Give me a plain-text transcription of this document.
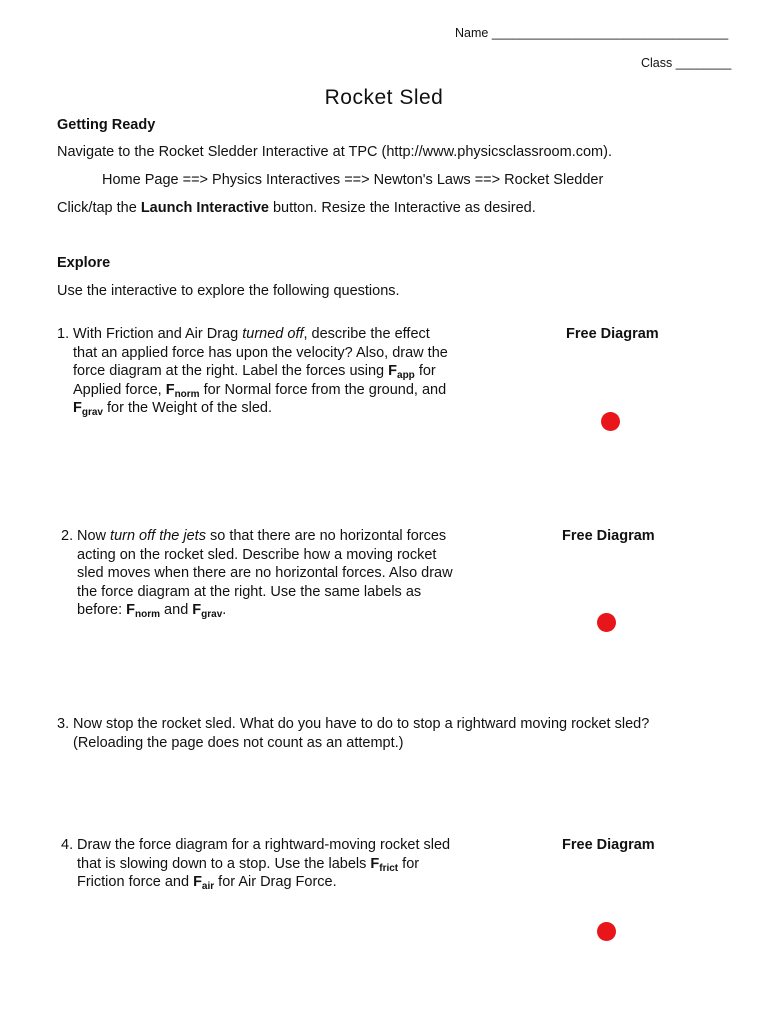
Name __________________________________
Class ________
Rocket Sled
Getting Ready
Navigate to the Rocket Sledder Interactive at TPC (http://www.physicsclassroom.com).
Home Page ==> Physics Interactives ==> Newton's Laws ==> Rocket Sledder
Click/tap the Launch Interactive button. Resize the Interactive as desired.
Explore
Use the interactive to explore the following questions.
1. With Friction and Air Drag turned off, describe the effect
that an applied force has upon the velocity? Also, draw the
force diagram at the right. Label the forces using $F_{app}$ for
Applied force, $F_{norm}$ for Normal force from the ground, and
$F_{grav}$ for the Weight of the sled.
Free Diagram
2. Now turn off the jets so that there are no horizontal forces
acting on the rocket sled. Describe how a moving rocket
sled moves when there are no horizontal forces. Also draw
the force diagram at the right. Use the same labels as
before: $F_{norm}$ and $F_{grav}$.
Free Diagram
3. Now stop the rocket sled. What do you have to do to stop a rightward moving rocket sled?
(Reloading the page does not count as an attempt.)
4. Draw the force diagram for a rightward-moving rocket sled
that is slowing down to a stop. Use the labels $F_{frict}$ for
Friction force and $F_{air}$ for Air Drag Force.
Free Diagram
